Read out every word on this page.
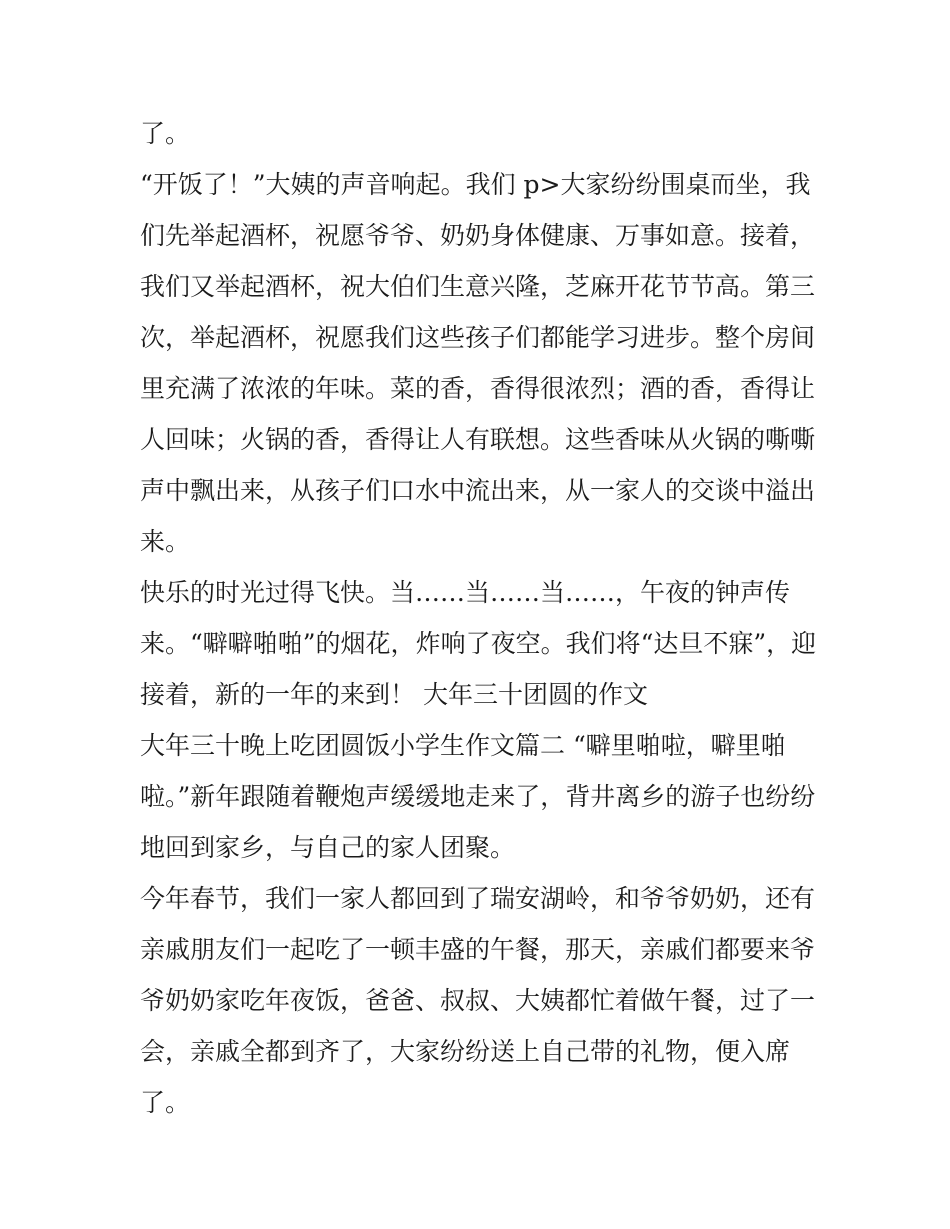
了。

“开饭了！”大姨的声音响起。我们 p>大家纷纷围桌而坐，我们先举起酒杯，祝愿爷爷、奶奶身体健康、万事如意。接着，我们又举起酒杯，祝大伯们生意兴隆，芝麻开花节节高。第三次，举起酒杯，祝愿我们这些孩子们都能学习进步。整个房间里充满了浓浓的年味。菜的香，香得很浓烈；酒的香，香得让人回味；火锅的香，香得让人有联想。这些香味从火锅的嘶嘶声中飘出来，从孩子们口水中流出来，从一家人的交谈中溢出来。

快乐的时光过得飞快。当……当……当……，午夜的钟声传来。“噼噼啪啪”的烟花，炸响了夜空。我们将“达旦不寐”，迎接着，新的一年的来到！ 大年三十团圆的作文

大年三十晚上吃团圆饭小学生作文篇二 “噼里啪啦，噼里啪啦。”新年跟随着鞭炮声缓缓地走来了，背井离乡的游子也纷纷地回到家乡，与自己的家人团聚。

今年春节，我们一家人都回到了瑞安湖岭，和爷爷奶奶，还有亲戚朋友们一起吃了一顿丰盛的午餐，那天，亲戚们都要来爷爷奶奶家吃年夜饭，爸爸、叔叔、大姨都忙着做午餐，过了一会，亲戚全都到齐了，大家纷纷送上自己带的礼物，便入席了。
